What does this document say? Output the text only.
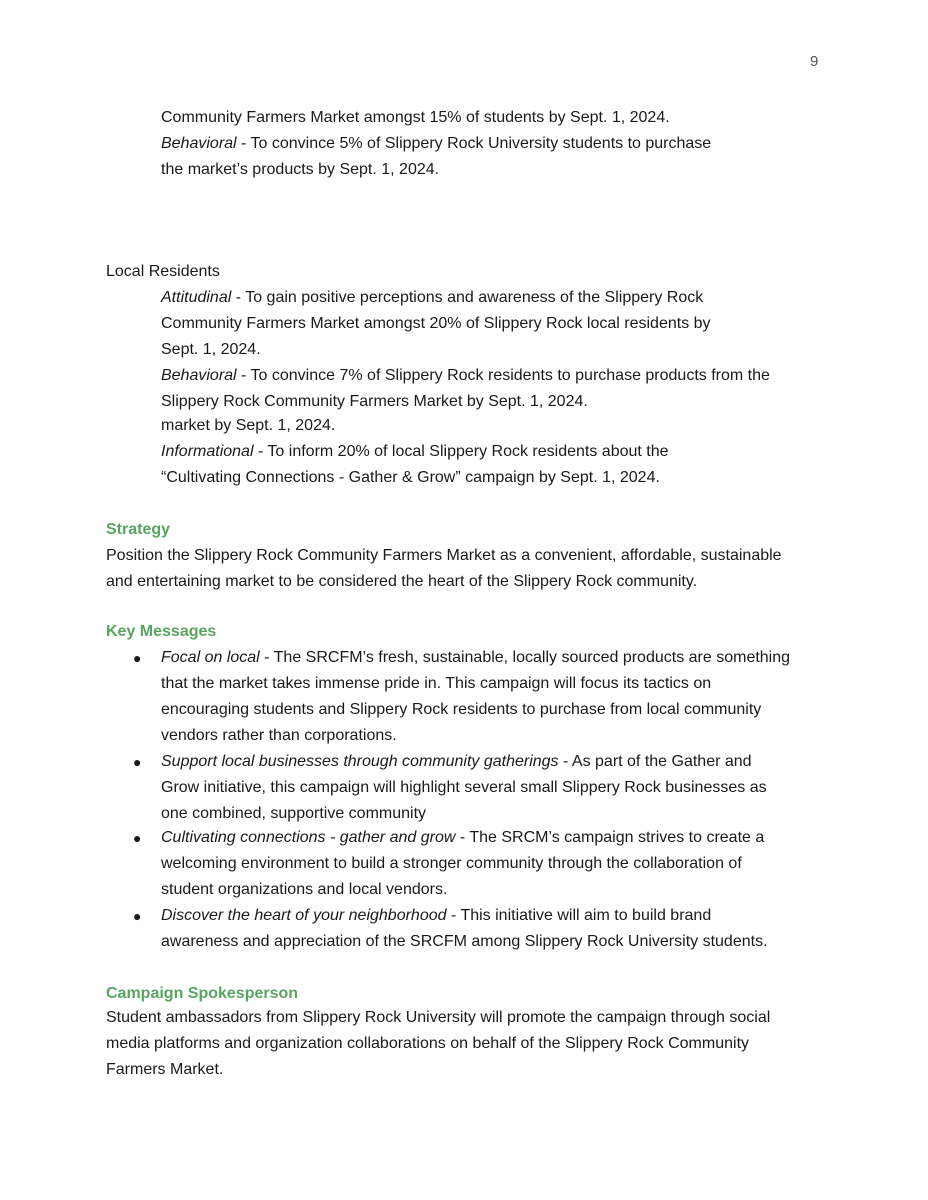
9
Community Farmers Market amongst 15% of students by Sept. 1, 2024.
Behavioral - To convince 5% of Slippery Rock University students to purchase
the market’s products by Sept. 1, 2024.
Local Residents
Attitudinal - To gain positive perceptions and awareness of the Slippery Rock
Community Farmers Market amongst 20% of Slippery Rock local residents by
Sept. 1, 2024.
Behavioral - To convince 7% of Slippery Rock residents to purchase products from the
Slippery Rock Community Farmers Market by Sept. 1, 2024.
market by Sept. 1, 2024.
Informational - To inform 20% of local Slippery Rock residents about the
“Cultivating Connections - Gather & Grow” campaign by Sept. 1, 2024.
Strategy
Position the Slippery Rock Community Farmers Market as a convenient, affordable, sustainable
and entertaining market to be considered the heart of the Slippery Rock community.
Key Messages
● Focal on local - The SRCFM’s fresh, sustainable, locally sourced products are something
that the market takes immense pride in. This campaign will focus its tactics on
encouraging students and Slippery Rock residents to purchase from local community
vendors rather than corporations.
● Support local businesses through community gatherings - As part of the Gather and
Grow initiative, this campaign will highlight several small Slippery Rock businesses as
one combined, supportive community
● Cultivating connections - gather and grow - The SRCM’s campaign strives to create a
welcoming environment to build a stronger community through the collaboration of
student organizations and local vendors.
● Discover the heart of your neighborhood - This initiative will aim to build brand
awareness and appreciation of the SRCFM among Slippery Rock University students.
Campaign Spokesperson
Student ambassadors from Slippery Rock University will promote the campaign through social
media platforms and organization collaborations on behalf of the Slippery Rock Community
Farmers Market.
